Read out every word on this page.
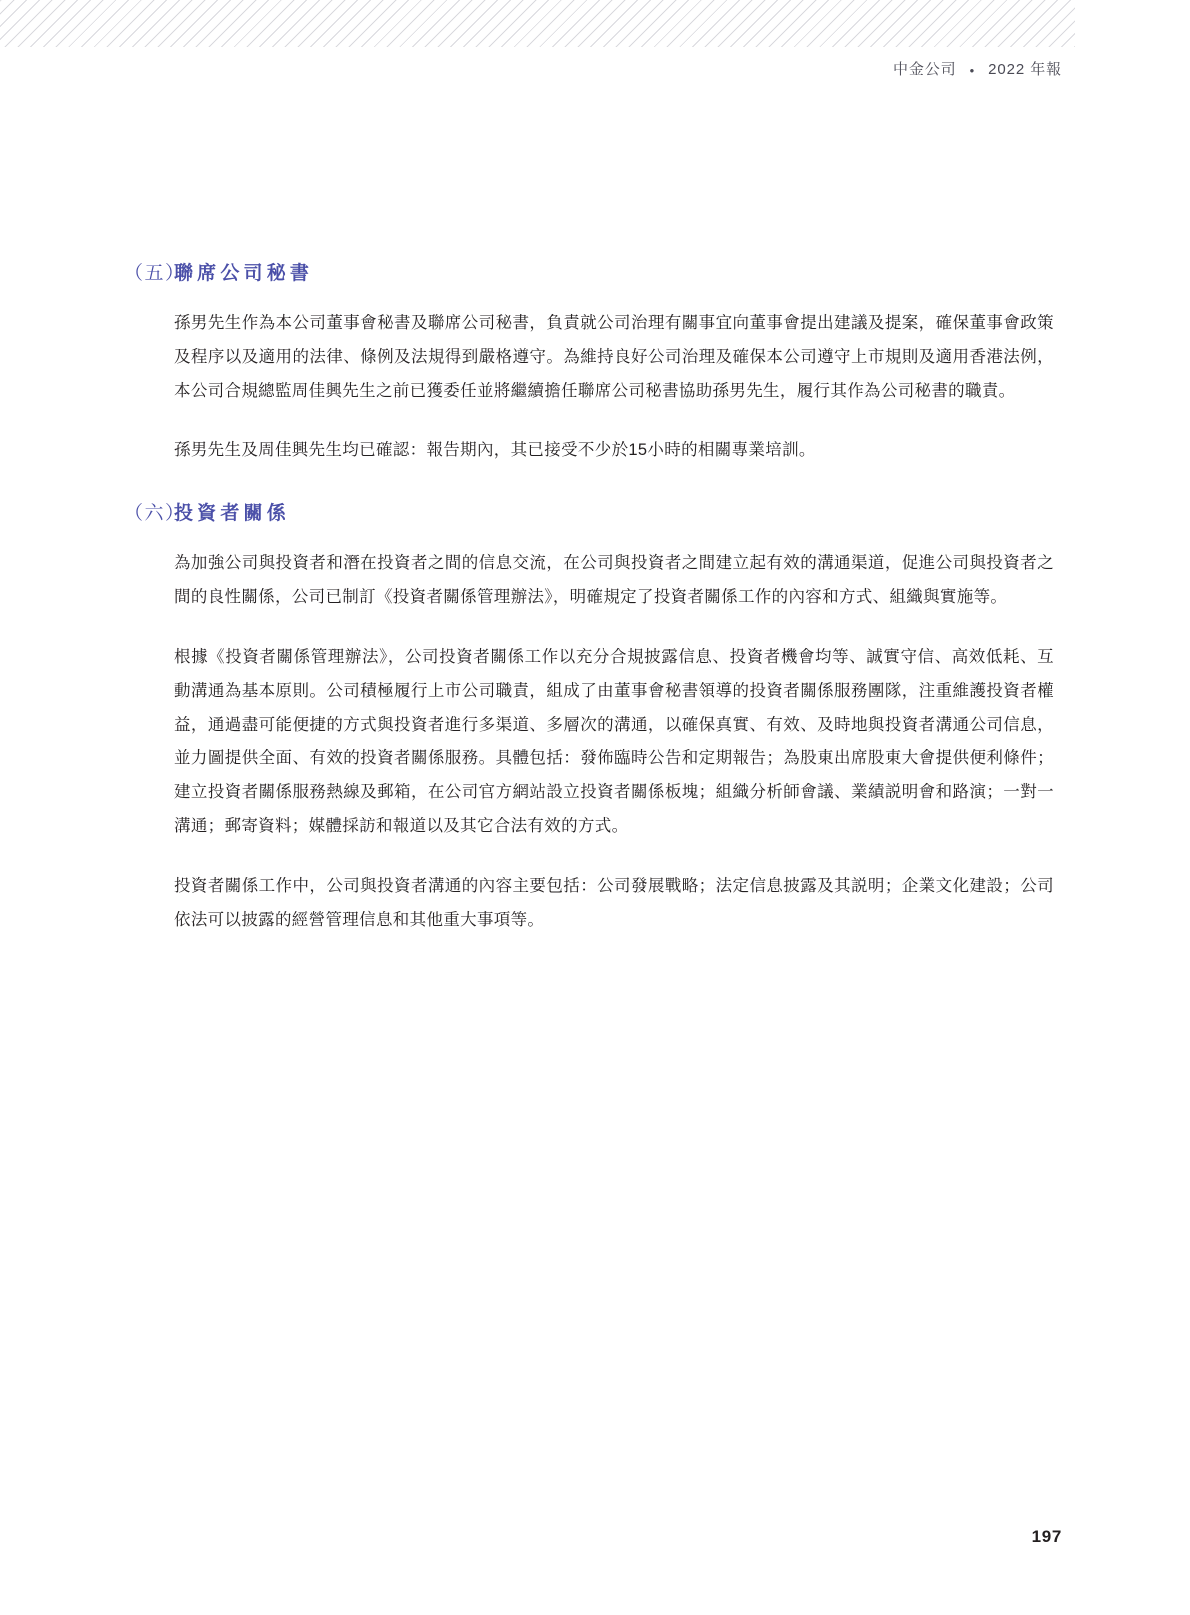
中金公司 • 2022 年報
（五）
聯席公司秘書

孫男先生作為本公司董事會秘書及聯席公司秘書，負責就公司治理有關事宜向董事會提出建議及提案，確保董事會政策及程序以及適用的法律、條例及法規得到嚴格遵守。為維持良好公司治理及確保本公司遵守上市規則及適用香港法例，本公司合規總監周佳興先生之前已獲委任並將繼續擔任聯席公司秘書協助孫男先生，履行其作為公司秘書的職責。

孫男先生及周佳興先生均已確認：報告期內，其已接受不少於15小時的相關專業培訓。

（六）
投資者關係

為加強公司與投資者和潛在投資者之間的信息交流，在公司與投資者之間建立起有效的溝通渠道，促進公司與投資者之間的良性關係，公司已制訂《投資者關係管理辦法》，明確規定了投資者關係工作的內容和方式、組織與實施等。

根據《投資者關係管理辦法》，公司投資者關係工作以充分合規披露信息、投資者機會均等、誠實守信、高效低耗、互動溝通為基本原則。公司積極履行上市公司職責，組成了由董事會秘書領導的投資者關係服務團隊，注重維護投資者權益，通過盡可能便捷的方式與投資者進行多渠道、多層次的溝通，以確保真實、有效、及時地與投資者溝通公司信息，並力圖提供全面、有效的投資者關係服務。具體包括：發佈臨時公告和定期報告；為股東出席股東大會提供便利條件；建立投資者關係服務熱線及郵箱，在公司官方網站設立投資者關係板塊；組織分析師會議、業績説明會和路演；一對一溝通；郵寄資料；媒體採訪和報道以及其它合法有效的方式。

投資者關係工作中，公司與投資者溝通的內容主要包括：公司發展戰略；法定信息披露及其説明；企業文化建設；公司依法可以披露的經營管理信息和其他重大事項等。

197
